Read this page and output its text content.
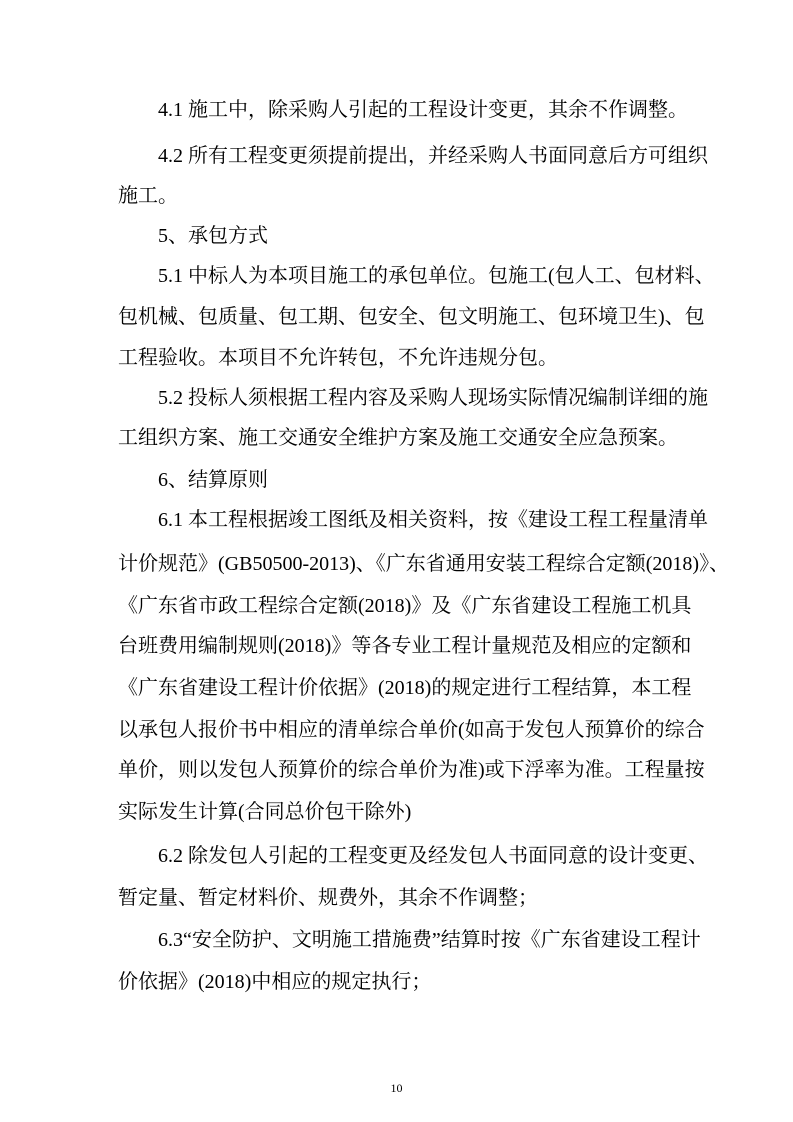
4.1 施工中，除采购人引起的工程设计变更，其余不作调整。
4.2 所有工程变更须提前提出，并经采购人书面同意后方可组织
施工。
5、承包方式
5.1 中标人为本项目施工的承包单位。包施工(包人工、包材料、
包机械、包质量、包工期、包安全、包文明施工、包环境卫生)、包
工程验收。本项目不允许转包，不允许违规分包。
5.2 投标人须根据工程内容及采购人现场实际情况编制详细的施
工组织方案、施工交通安全维护方案及施工交通安全应急预案。
6、结算原则
6.1 本工程根据竣工图纸及相关资料，按《建设工程工程量清单
计价规范》(GB50500-2013)、《广东省通用安装工程综合定额(2018)》、
《广东省市政工程综合定额(2018)》及《广东省建设工程施工机具
台班费用编制规则(2018)》等各专业工程计量规范及相应的定额和
《广东省建设工程计价依据》(2018)的规定进行工程结算，本工程
以承包人报价书中相应的清单综合单价(如高于发包人预算价的综合
单价，则以发包人预算价的综合单价为准)或下浮率为准。工程量按
实际发生计算(合同总价包干除外)
6.2 除发包人引起的工程变更及经发包人书面同意的设计变更、
暂定量、暂定材料价、规费外，其余不作调整；
6.3“安全防护、文明施工措施费”结算时按《广东省建设工程计
价依据》(2018)中相应的规定执行；
10
